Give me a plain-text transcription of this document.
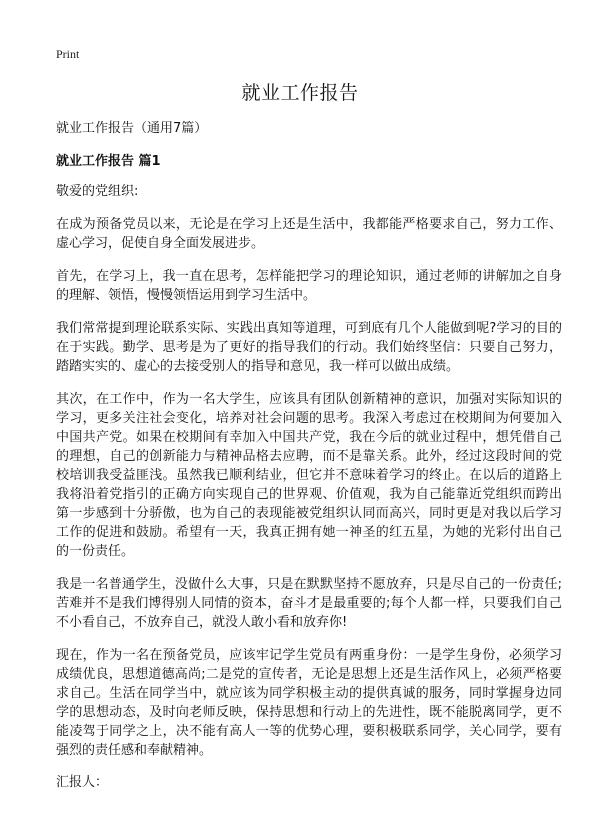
Print
就业工作报告

就业工作报告（通用7篇）

就业工作报告 篇1

敬爱的党组织:

在成为预备党员以来，无论是在学习上还是生活中，我都能严格要求自己，努力工作、虚心学习，促使自身全面发展进步。

首先，在学习上，我一直在思考，怎样能把学习的理论知识，通过老师的讲解加之自身的理解、领悟，慢慢领悟运用到学习生活中。

我们常常提到理论联系实际、实践出真知等道理，可到底有几个人能做到呢?学习的目的在于实践。勤学、思考是为了更好的指导我们的行动。我们始终坚信：只要自己努力，踏踏实实的、虚心的去接受别人的指导和意见，我一样可以做出成绩。

其次，在工作中，作为一名大学生，应该具有团队创新精神的意识，加强对实际知识的学习，更多关注社会变化，培养对社会问题的思考。我深入考虑过在校期间为何要加入中国共产党。如果在校期间有幸加入中国共产党，我在今后的就业过程中，想凭借自己的理想，自己的创新能力与精神品格去应聘，而不是靠关系。此外，经过这段时间的党校培训我受益匪浅。虽然我已顺利结业，但它并不意味着学习的终止。在以后的道路上我将沿着党指引的正确方向实现自己的世界观、价值观，我为自己能靠近党组织而跨出第一步感到十分骄傲，也为自己的表现能被党组织认同而高兴，同时更是对我以后学习工作的促进和鼓励。希望有一天，我真正拥有她一神圣的红五星，为她的光彩付出自己的一份责任。

我是一名普通学生，没做什么大事，只是在默默坚持不愿放弃，只是尽自己的一份责任;苦难并不是我们博得别人同情的资本，奋斗才是最重要的;每个人都一样，只要我们自己不小看自己，不放弃自己，就没人敢小看和放弃你!

现在，作为一名在预备党员，应该牢记学生党员有两重身份：一是学生身份，必须学习成绩优良，思想道德高尚;二是党的宣传者，无论是思想上还是生活作风上，必须严格要求自己。生活在同学当中，就应该为同学积极主动的提供真诚的服务，同时掌握身边同学的思想动态，及时向老师反映，保持思想和行动上的先进性，既不能脱离同学，更不能凌驾于同学之上，决不能有高人一等的优势心理，要积极联系同学，关心同学，要有强烈的责任感和奉献精神。

汇报人：
